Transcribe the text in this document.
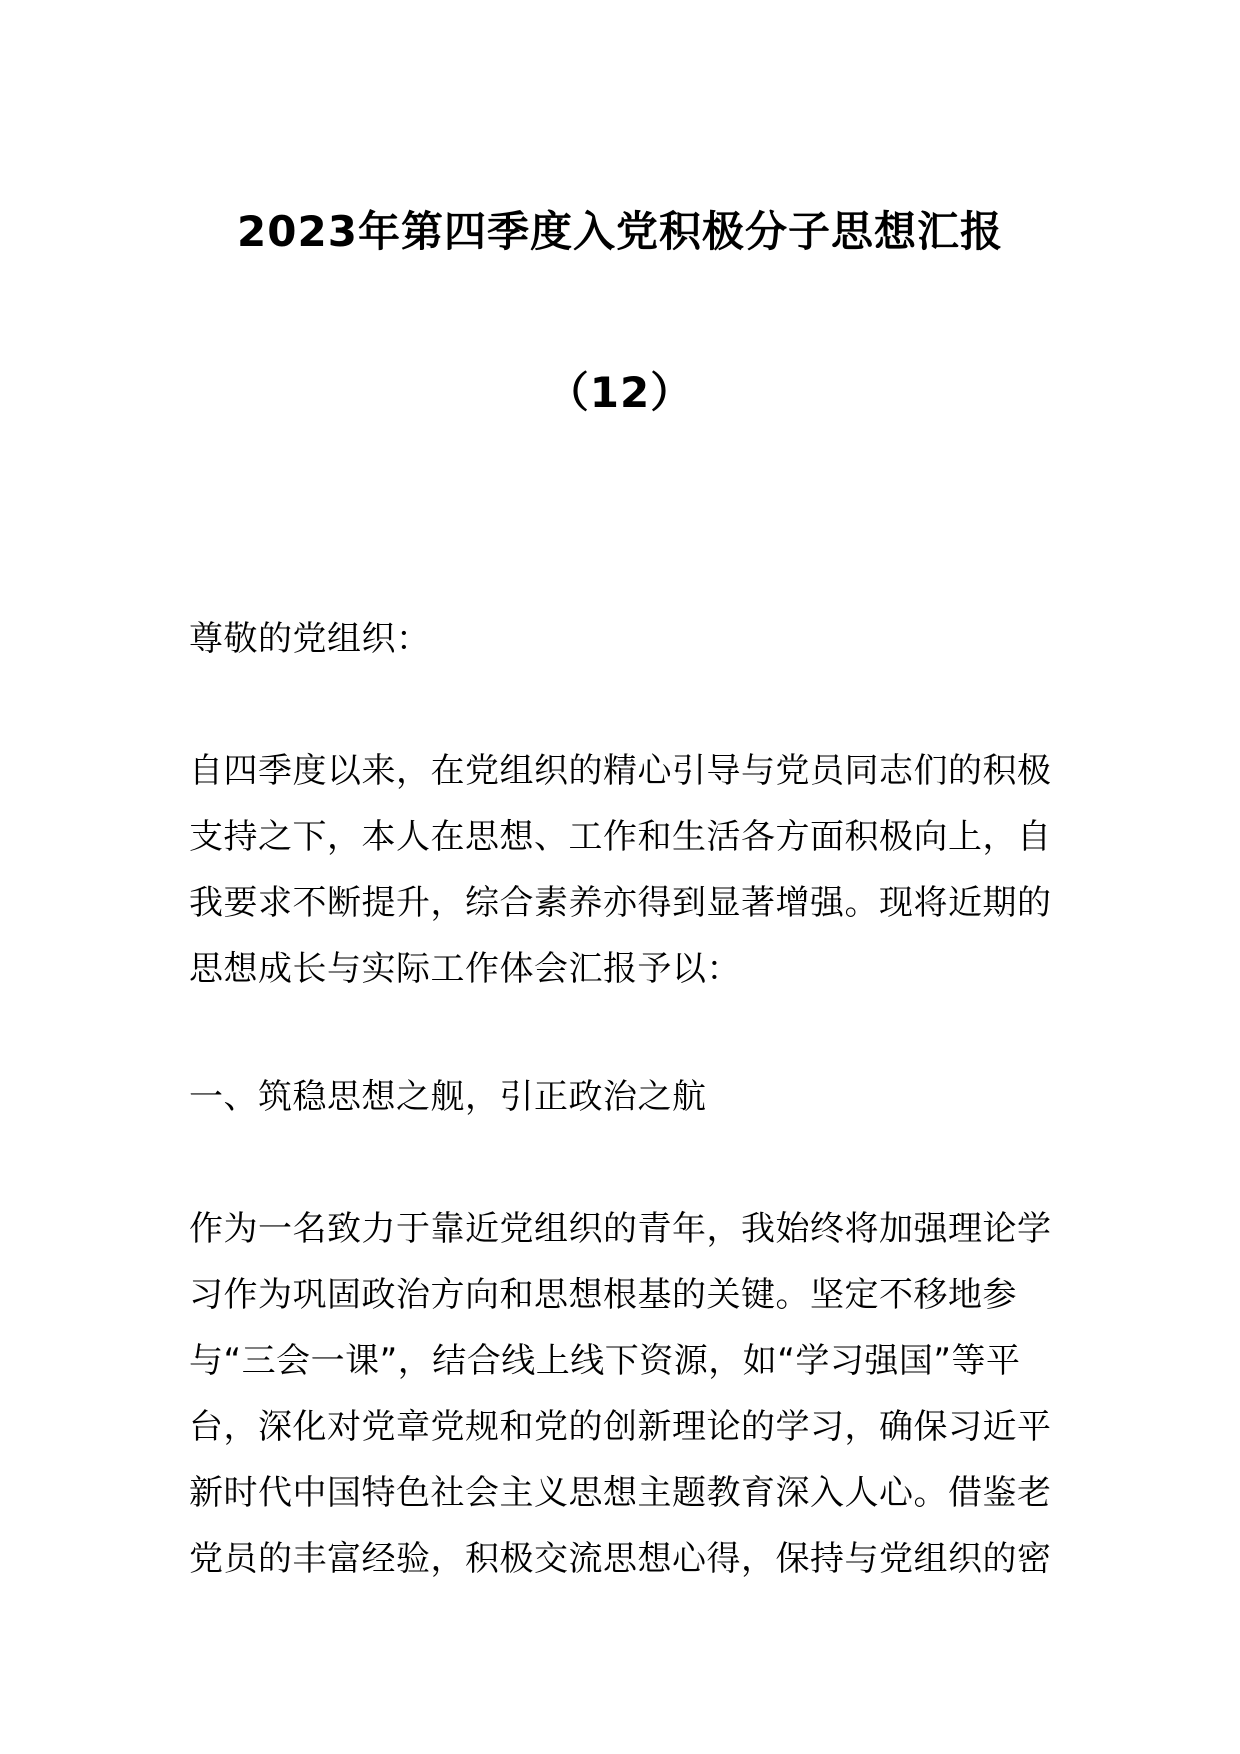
2023年第四季度入党积极分子思想汇报
（12）
尊敬的党组织：
自四季度以来，在党组织的精心引导与党员同志们的积极支持之下，本人在思想、工作和生活各方面积极向上，自我要求不断提升，综合素养亦得到显著增强。现将近期的思想成长与实际工作体会汇报予以：
一、筑稳思想之舰，引正政治之航
作为一名致力于靠近党组织的青年，我始终将加强理论学习作为巩固政治方向和思想根基的关键。坚定不移地参与“三会一课”，结合线上线下资源，如“学习强国”等平台，深化对党章党规和党的创新理论的学习，确保习近平新时代中国特色社会主义思想主题教育深入人心。借鉴老党员的丰富经验，积极交流思想心得，保持与党组织的密
